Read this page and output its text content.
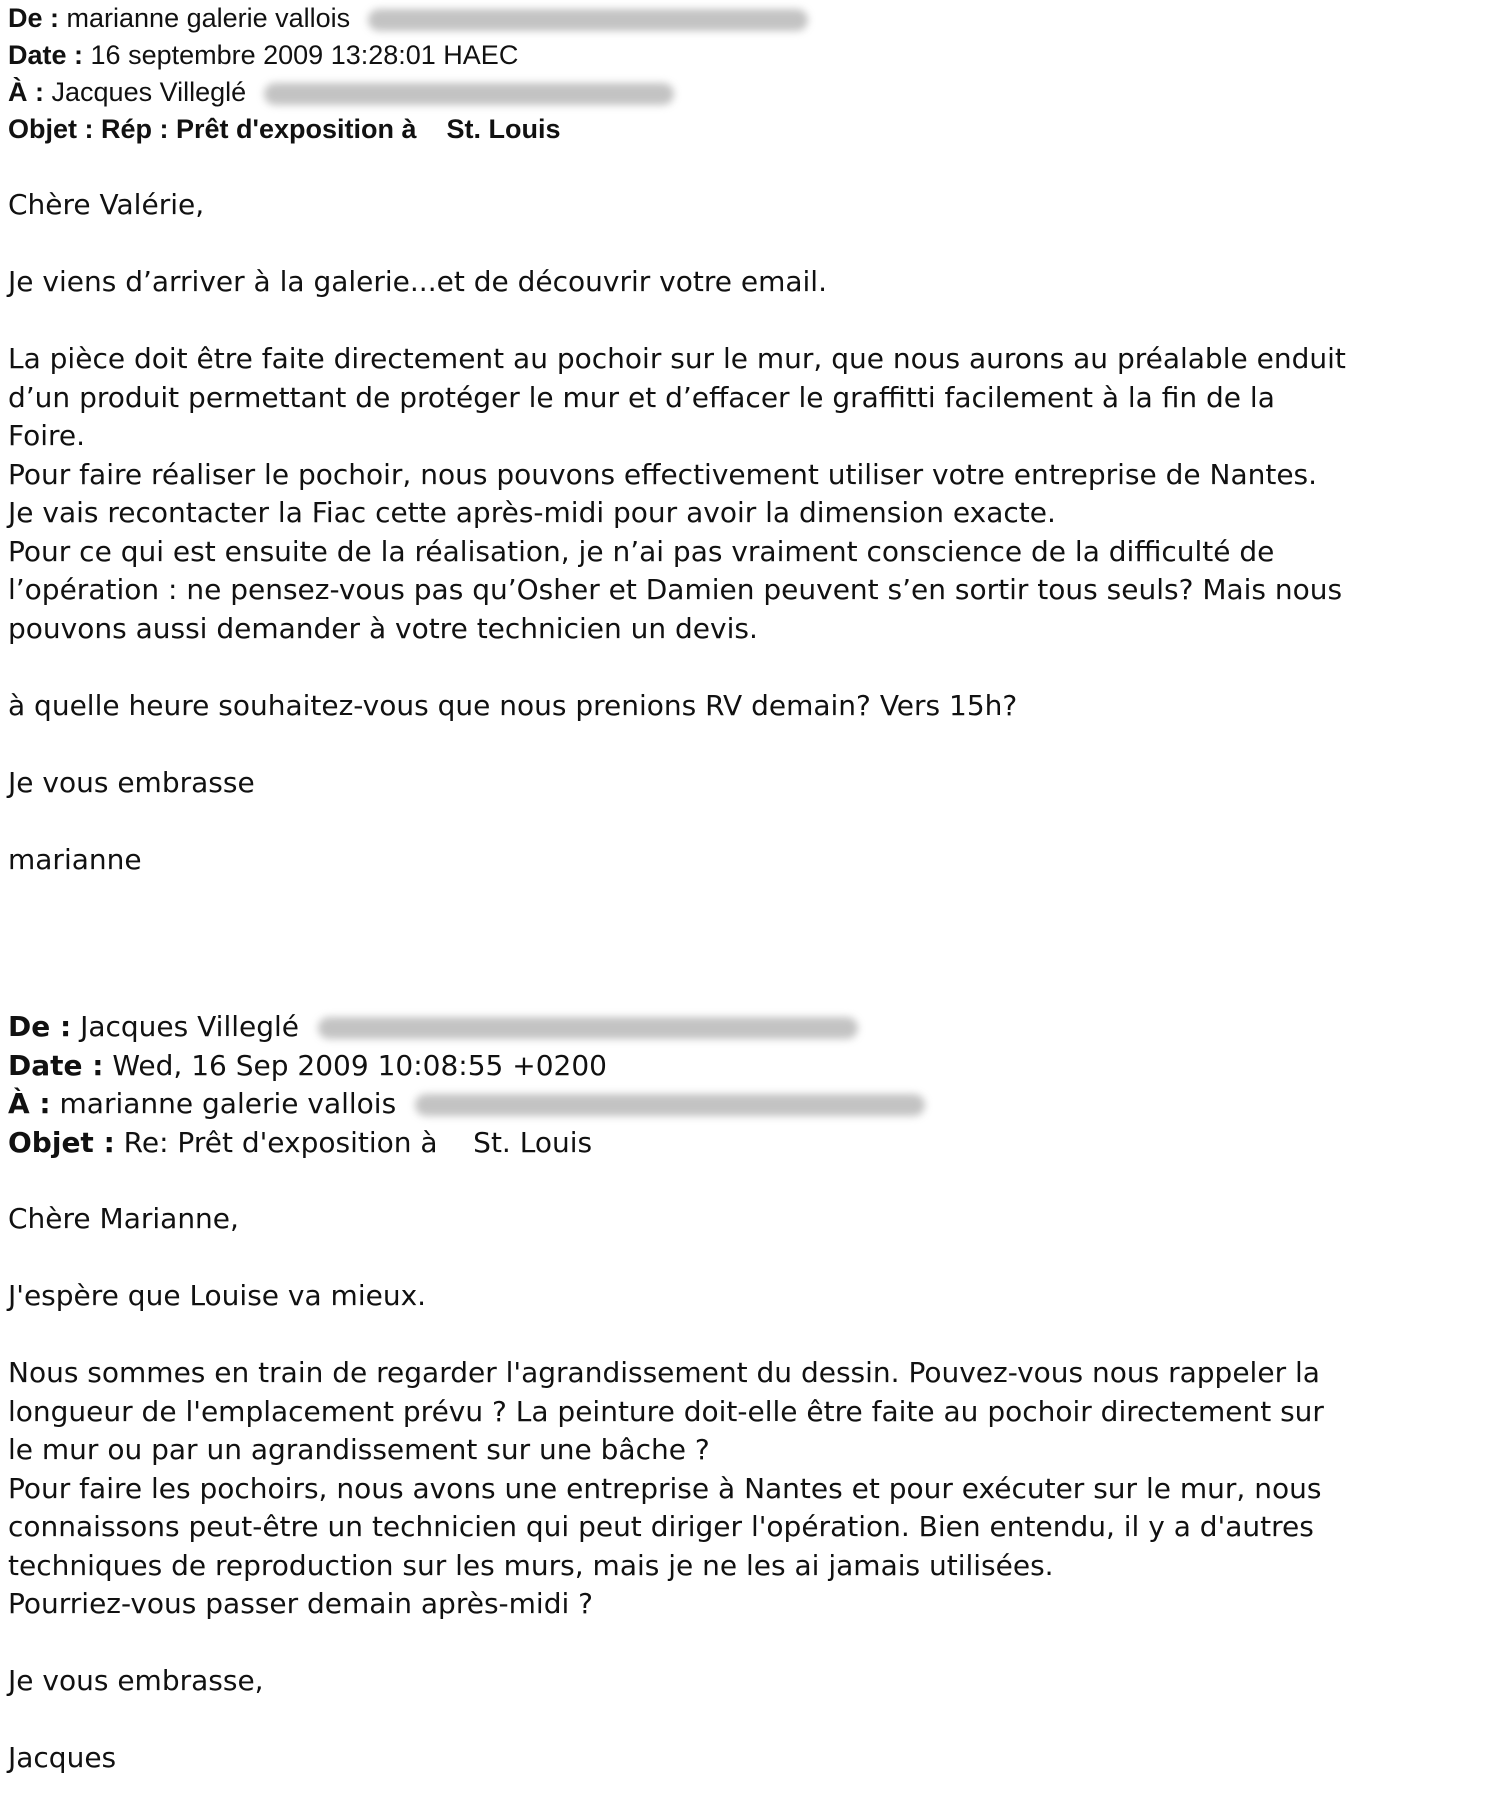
De : marianne galerie vallois
Date : 16 septembre 2009 13:28:01 HAEC
À : Jacques Villeglé
Objet : Rép : Prêt d'exposition à    St. Louis

Chère Valérie,

Je viens d’arriver à la galerie...et de découvrir votre email.

La pièce doit être faite directement au pochoir sur le mur, que nous aurons au préalable enduit
d’un produit permettant de protéger le mur et d’effacer le graffitti facilement à la fin de la
Foire.
Pour faire réaliser le pochoir, nous pouvons effectivement utiliser votre entreprise de Nantes.
Je vais recontacter la Fiac cette après-midi pour avoir la dimension exacte.
Pour ce qui est ensuite de la réalisation, je n’ai pas vraiment conscience de la difficulté de
l’opération : ne pensez-vous pas qu’Osher et Damien peuvent s’en sortir tous seuls? Mais nous
pouvons aussi demander à votre technicien un devis.

à quelle heure souhaitez-vous que nous prenions RV demain? Vers 15h?

Je vous embrasse

marianne

De : Jacques Villeglé
Date : Wed, 16 Sep 2009 10:08:55 +0200
À : marianne galerie vallois
Objet : Re: Prêt d'exposition à    St. Louis

Chère Marianne,

J'espère que Louise va mieux.

Nous sommes en train de regarder l'agrandissement du dessin. Pouvez-vous nous rappeler la
longueur de l'emplacement prévu ? La peinture doit-elle être faite au pochoir directement sur
le mur ou par un agrandissement sur une bâche ?
Pour faire les pochoirs, nous avons une entreprise à Nantes et pour exécuter sur le mur, nous
connaissons peut-être un technicien qui peut diriger l'opération. Bien entendu, il y a d'autres
techniques de reproduction sur les murs, mais je ne les ai jamais utilisées.
Pourriez-vous passer demain après-midi ?

Je vous embrasse,

Jacques
